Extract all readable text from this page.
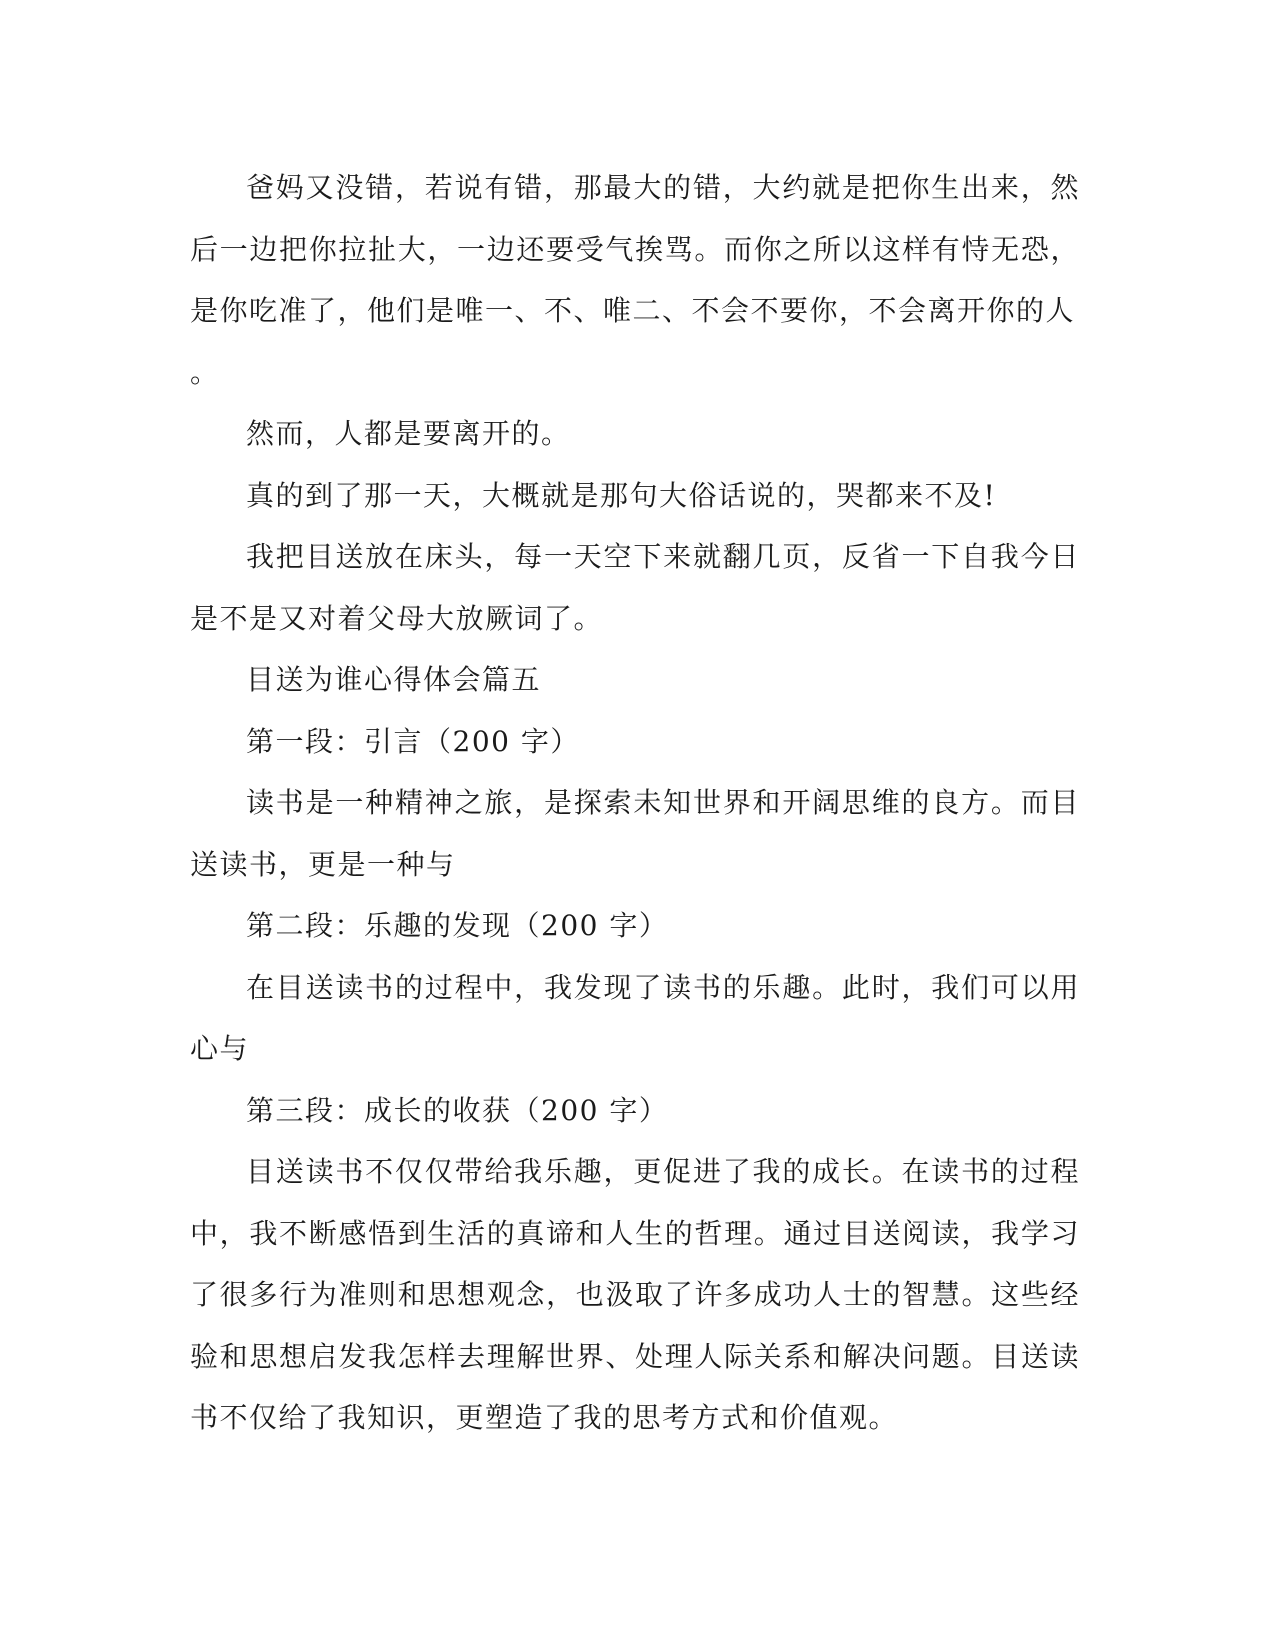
爸妈又没错，若说有错，那最大的错，大约就是把你生出来，然后一边把你拉扯大，一边还要受气挨骂。而你之所以这样有恃无恐，是你吃准了，他们是唯一、不、唯二、不会不要你，不会离开你的人

。

然而，人都是要离开的。

真的到了那一天，大概就是那句大俗话说的，哭都来不及!

我把目送放在床头，每一天空下来就翻几页，反省一下自我今日是不是又对着父母大放厥词了。

目送为谁心得体会篇五

第一段：引言（200 字）

读书是一种精神之旅，是探索未知世界和开阔思维的良方。而目送读书，更是一种与

第二段：乐趣的发现（200 字）

在目送读书的过程中，我发现了读书的乐趣。此时，我们可以用心与

第三段：成长的收获（200 字）

目送读书不仅仅带给我乐趣，更促进了我的成长。在读书的过程中，我不断感悟到生活的真谛和人生的哲理。通过目送阅读，我学习了很多行为准则和思想观念，也汲取了许多成功人士的智慧。这些经验和思想启发我怎样去理解世界、处理人际关系和解决问题。目送读书不仅给了我知识，更塑造了我的思考方式和价值观。
